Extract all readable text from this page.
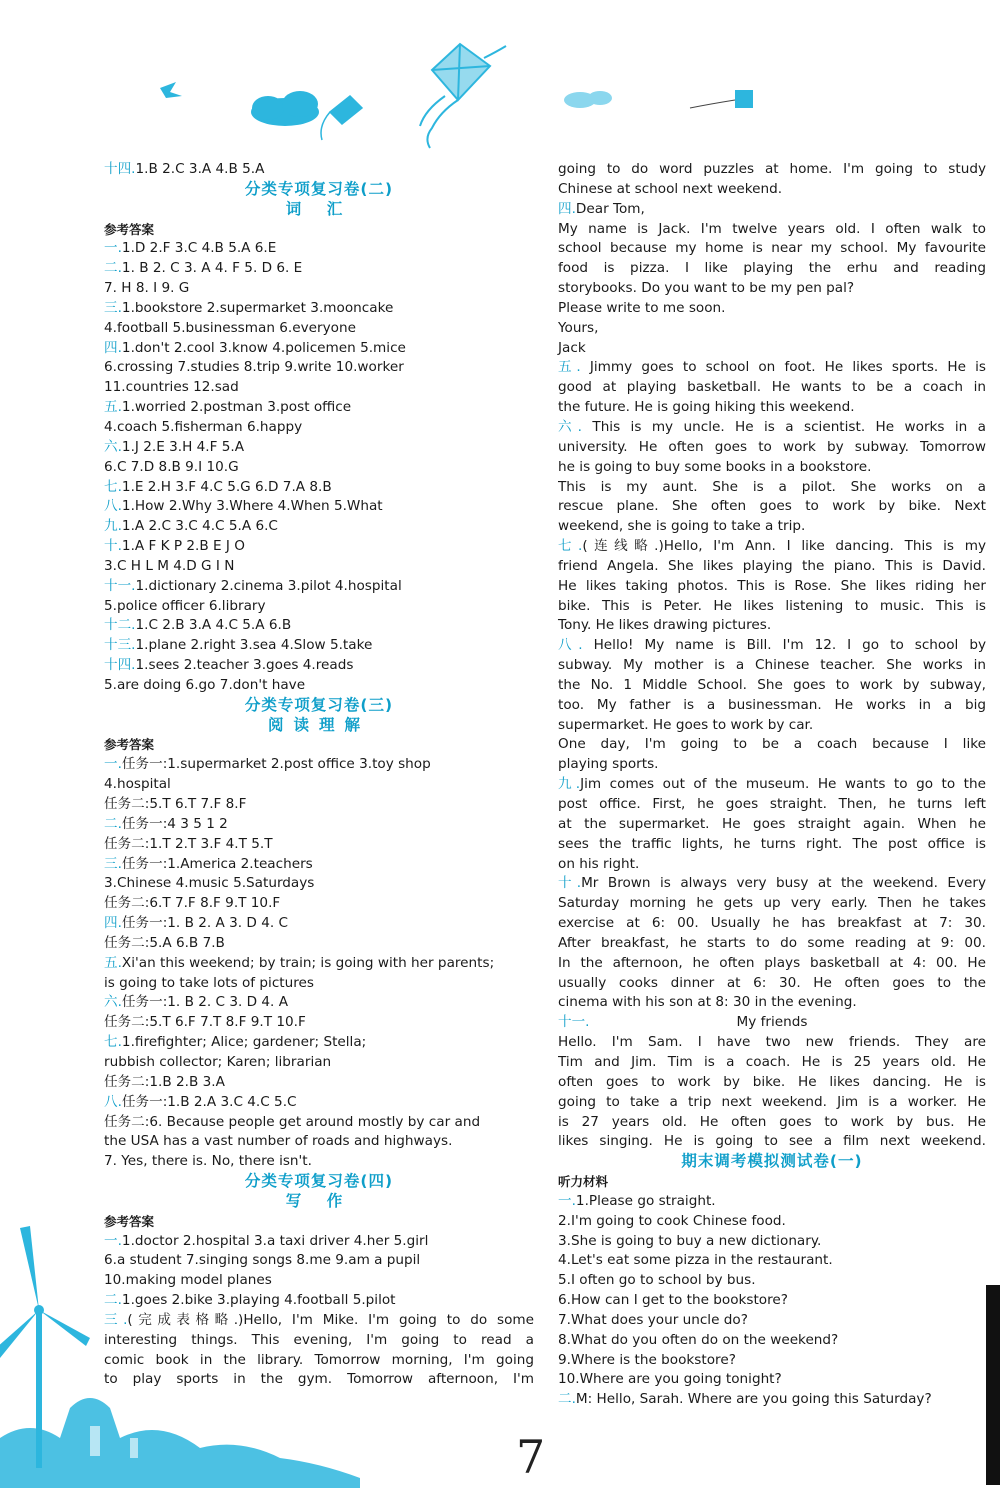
十四.1.B 2.C 3.A 4.B 5.A
分类专项复习卷(二)
词 汇
参考答案
一.1.D 2.F 3.C 4.B 5.A 6.E
二.1. B 2. C 3. A 4. F 5. D 6. E
7. H 8. I 9. G
三.1.bookstore 2.supermarket 3.mooncake
4.football 5.businessman 6.everyone
四.1.don't 2.cool 3.know 4.policemen 5.mice
6.crossing 7.studies 8.trip 9.write 10.worker
11.countries 12.sad
五.1.worried 2.postman 3.post office
4.coach 5.fisherman 6.happy
六.1.J 2.E 3.H 4.F 5.A
6.C 7.D 8.B 9.I 10.G
七.1.E 2.H 3.F 4.C 5.G 6.D 7.A 8.B
八.1.How 2.Why 3.Where 4.When 5.What
九.1.A 2.C 3.C 4.C 5.A 6.C
十.1.A F K P 2.B E J O
3.C H L M 4.D G I N
十一.1.dictionary 2.cinema 3.pilot 4.hospital
5.police officer 6.library
十二.1.C 2.B 3.A 4.C 5.A 6.B
十三.1.plane 2.right 3.sea 4.Slow 5.take
十四.1.sees 2.teacher 3.goes 4.reads
5.are doing 6.go 7.don't have
分类专项复习卷(三)
阅读理解
参考答案
一.任务一:1.supermarket 2.post office 3.toy shop
4.hospital
任务二:5.T 6.T 7.F 8.F
二.任务一:4 3 5 1 2
任务二:1.T 2.T 3.F 4.T 5.T
三.任务一:1.America 2.teachers
3.Chinese 4.music 5.Saturdays
任务二:6.T 7.F 8.F 9.T 10.F
四.任务一:1. B 2. A 3. D 4. C
任务二:5.A 6.B 7.B
五.Xi'an this weekend; by train; is going with her parents;
is going to take lots of pictures
六.任务一:1. B 2. C 3. D 4. A
任务二:5.T 6.F 7.T 8.F 9.T 10.F
七.1.firefighter; Alice; gardener; Stella;
rubbish collector; Karen; librarian
任务二:1.B 2.B 3.A
八.任务一:1.B 2.A 3.C 4.C 5.C
任务二:6. Because people get around mostly by car and
the USA has a vast number of roads and highways.
7. Yes, there is. No, there isn't.
分类专项复习卷(四)
写 作
参考答案
一.1.doctor 2.hospital 3.a taxi driver 4.her 5.girl
6.a student 7.singing songs 8.me 9.am a pupil
10.making model planes
二.1.goes 2.bike 3.playing 4.football 5.pilot
三.(完成表格略.)Hello, I'm Mike. I'm going to do some
interesting things. This evening, I'm going to read a
comic book in the library. Tomorrow morning, I'm going
to play sports in the gym. Tomorrow afternoon, I'm
going to do word puzzles at home. I'm going to study
Chinese at school next weekend.
四.Dear Tom,
My name is Jack. I'm twelve years old. I often walk to
school because my home is near my school. My favourite
food is pizza. I like playing the erhu and reading
storybooks. Do you want to be my pen pal?
Please write to me soon.
Yours,
Jack
五. Jimmy goes to school on foot. He likes sports. He is
good at playing basketball. He wants to be a coach in
the future. He is going hiking this weekend.
六. This is my uncle. He is a scientist. He works in a
university. He often goes to work by subway. Tomorrow
he is going to buy some books in a bookstore.
This is my aunt. She is a pilot. She works on a
rescue plane. She often goes to work by bike. Next
weekend, she is going to take a trip.
七.(连线略.)Hello, I'm Ann. I like dancing. This is my
friend Angela. She likes playing the piano. This is David.
He likes taking photos. This is Rose. She likes riding her
bike. This is Peter. He likes listening to music. This is
Tony. He likes drawing pictures.
八. Hello! My name is Bill. I'm 12. I go to school by
subway. My mother is a Chinese teacher. She works in
the No. 1 Middle School. She goes to work by subway,
too. My father is a businessman. He works in a big
supermarket. He goes to work by car.
One day, I'm going to be a coach because I like
playing sports.
九.Jim comes out of the museum. He wants to go to the
post office. First, he goes straight. Then, he turns left
at the supermarket. He goes straight again. When he
sees the traffic lights, he turns right. The post office is
on his right.
十.Mr Brown is always very busy at the weekend. Every
Saturday morning he gets up very early. Then he takes
exercise at 6: 00. Usually he has breakfast at 7: 30.
After breakfast, he starts to do some reading at 9: 00.
In the afternoon, he often plays basketball at 4: 00. He
usually cooks dinner at 6: 30. He often goes to the
cinema with his son at 8: 30 in the evening.
十一.	My friends
Hello. I'm Sam. I have two new friends. They are
Tim and Jim. Tim is a coach. He is 25 years old. He
often goes to work by bike. He likes dancing. He is
going to take a trip next weekend. Jim is a worker. He
is 27 years old. He often goes to work by bus. He
likes singing. He is going to see a film next weekend.
期末调考模拟测试卷(一)
听力材料
一.1.Please go straight.
2.I'm going to cook Chinese food.
3.She is going to buy a new dictionary.
4.Let's eat some pizza in the restaurant.
5.I often go to school by bus.
6.How can I get to the bookstore?
7.What does your uncle do?
8.What do you often do on the weekend?
9.Where is the bookstore?
10.Where are you going tonight?
二.M: Hello, Sarah. Where are you going this Saturday?
7
